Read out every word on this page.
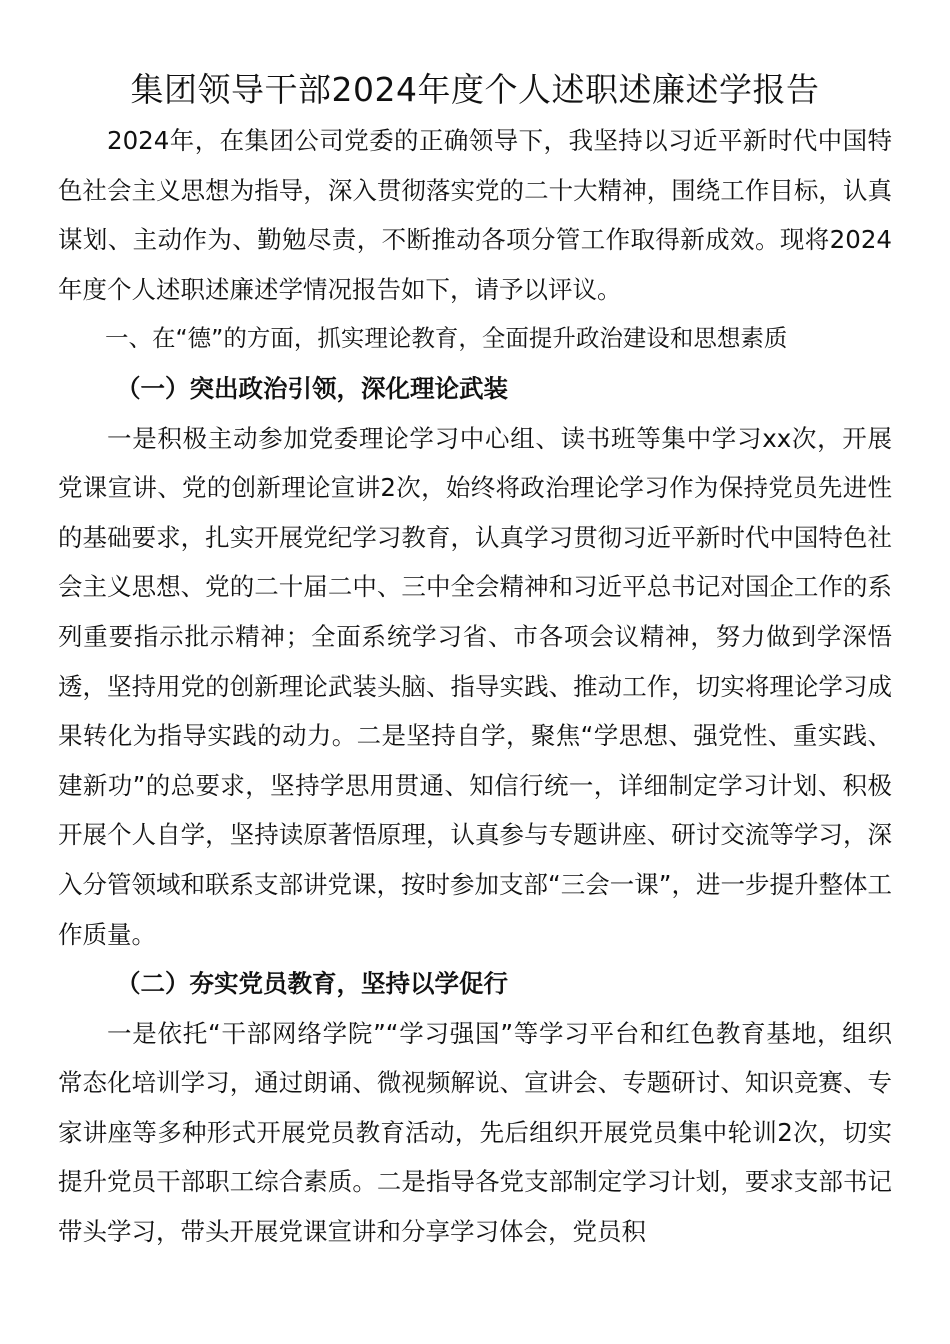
集团领导干部2024年度个人述职述廉述学报告

2024年，在集团公司党委的正确领导下，我坚持以习近平新时代中国特色社会主义思想为指导，深入贯彻落实党的二十大精神，围绕工作目标，认真谋划、主动作为、勤勉尽责，不断推动各项分管工作取得新成效。现将2024年度个人述职述廉述学情况报告如下，请予以评议。

一、在“德”的方面，抓实理论教育，全面提升政治建设和思想素质

（一）突出政治引领，深化理论武装

一是积极主动参加党委理论学习中心组、读书班等集中学习xx次，开展党课宣讲、党的创新理论宣讲2次，始终将政治理论学习作为保持党员先进性的基础要求，扎实开展党纪学习教育，认真学习贯彻习近平新时代中国特色社会主义思想、党的二十届二中、三中全会精神和习近平总书记对国企工作的系列重要指示批示精神；全面系统学习省、市各项会议精神，努力做到学深悟透，坚持用党的创新理论武装头脑、指导实践、推动工作，切实将理论学习成果转化为指导实践的动力。二是坚持自学，聚焦“学思想、强党性、重实践、建新功”的总要求，坚持学思用贯通、知信行统一，详细制定学习计划、积极开展个人自学，坚持读原著悟原理，认真参与专题讲座、研讨交流等学习，深入分管领域和联系支部讲党课，按时参加支部“三会一课”，进一步提升整体工作质量。

（二）夯实党员教育，坚持以学促行

一是依托“干部网络学院”“学习强国”等学习平台和红色教育基地，组织常态化培训学习，通过朗诵、微视频解说、宣讲会、专题研讨、知识竞赛、专家讲座等多种形式开展党员教育活动，先后组织开展党员集中轮训2次，切实提升党员干部职工综合素质。二是指导各党支部制定学习计划，要求支部书记带头学习，带头开展党课宣讲和分享学习体会，党员积
